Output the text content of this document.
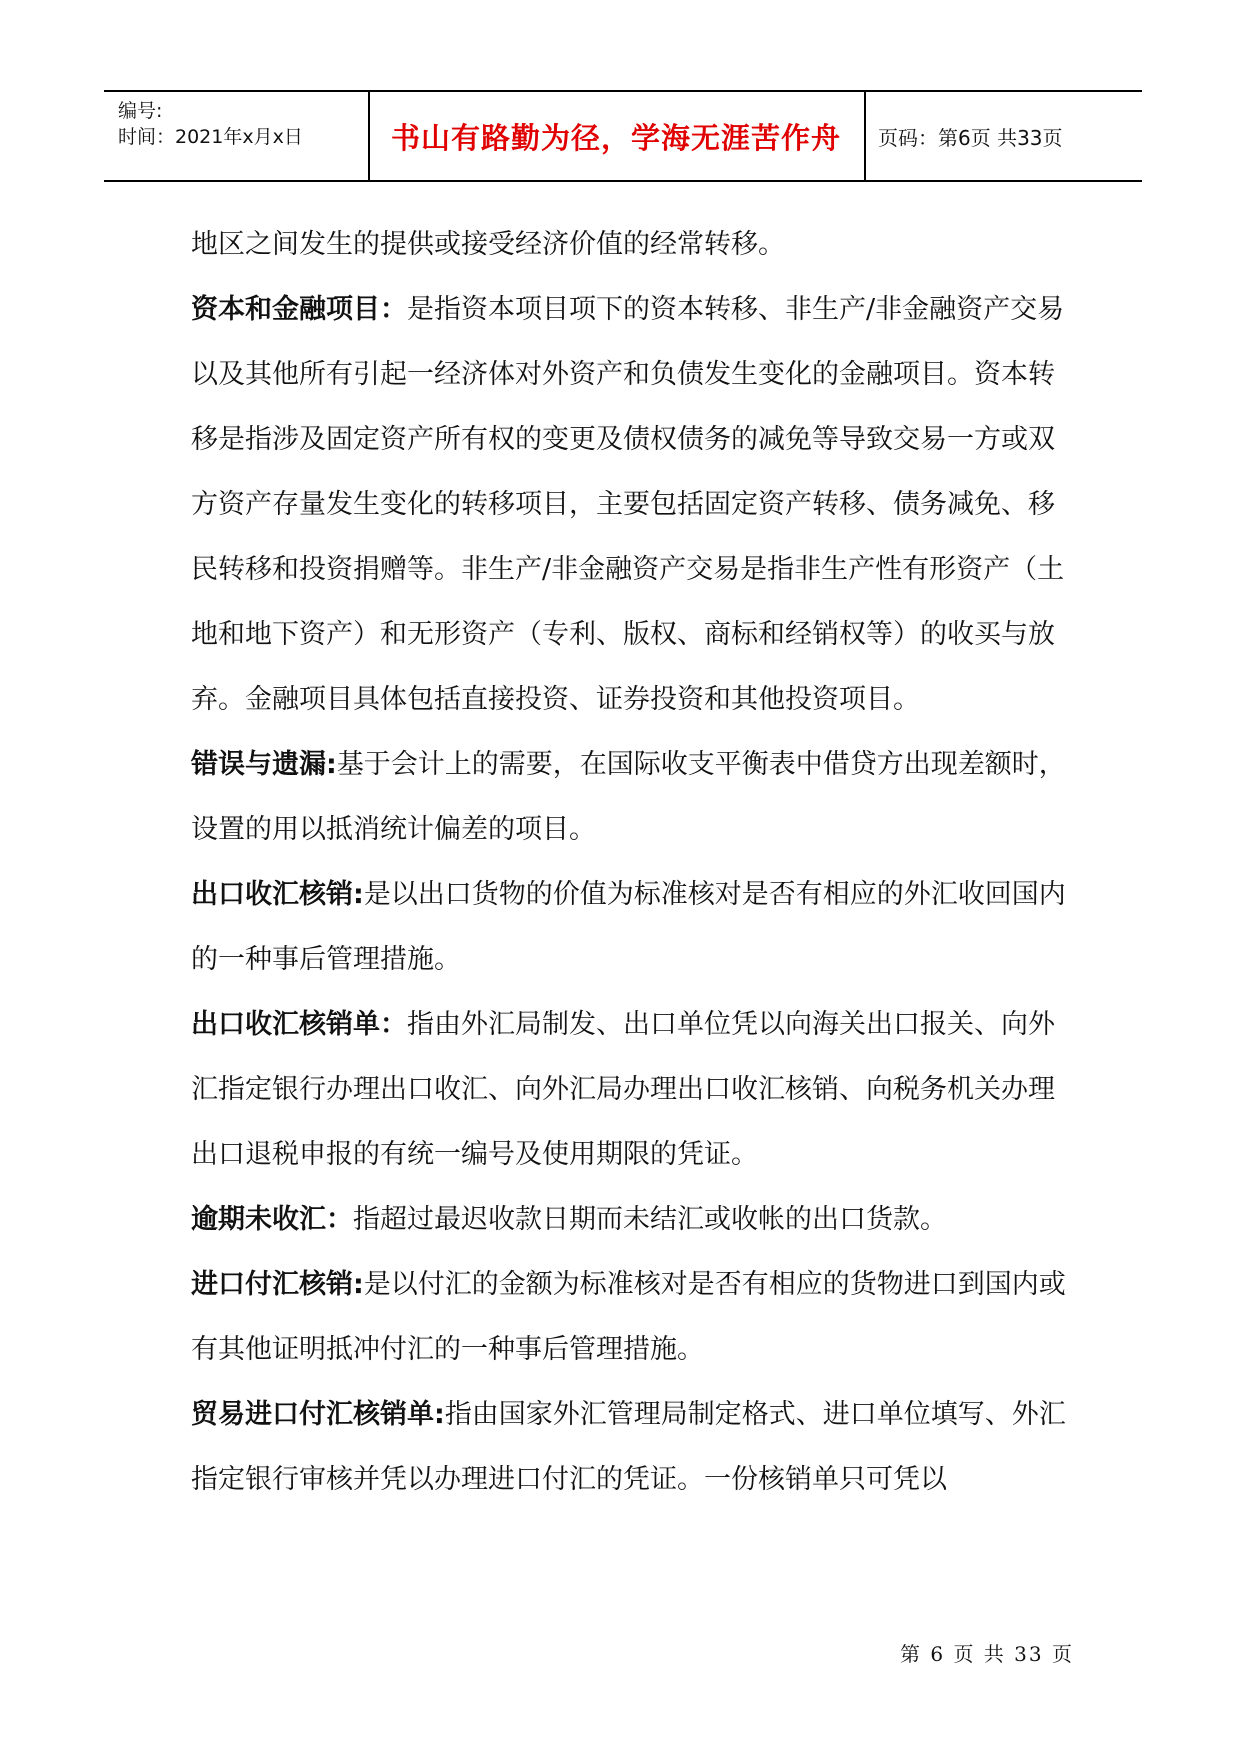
编号:
时间：2021年x月x日	书山有路勤为径，学海无涯苦作舟 页码：第6页 共33页

地区之间发生的提供或接受经济价值的经常转移。

资本和金融项目：是指资本项目项下的资本转移、非生产/非金融资产交易以及其他所有引起一经济体对外资产和负债发生变化的金融项目。资本转移是指涉及固定资产所有权的变更及债权债务的减免等导致交易一方或双方资产存量发生变化的转移项目，主要包括固定资产转移、债务减免、移民转移和投资捐赠等。非生产/非金融资产交易是指非生产性有形资产（土地和地下资产）和无形资产（专利、版权、商标和经销权等）的收买与放弃。金融项目具体包括直接投资、证券投资和其他投资项目。

错误与遗漏:基于会计上的需要，在国际收支平衡表中借贷方出现差额时，设置的用以抵消统计偏差的项目。

出口收汇核销:是以出口货物的价值为标准核对是否有相应的外汇收回国内的一种事后管理措施。

出口收汇核销单：指由外汇局制发、出口单位凭以向海关出口报关、向外汇指定银行办理出口收汇、向外汇局办理出口收汇核销、向税务机关办理出口退税申报的有统一编号及使用期限的凭证。

逾期未收汇：指超过最迟收款日期而未结汇或收帐的出口货款。

进口付汇核销:是以付汇的金额为标准核对是否有相应的货物进口到国内或有其他证明抵冲付汇的一种事后管理措施。

贸易进口付汇核销单:指由国家外汇管理局制定格式、进口单位填写、外汇指定银行审核并凭以办理进口付汇的凭证。一份核销单只可凭以

第 6 页 共 33 页
